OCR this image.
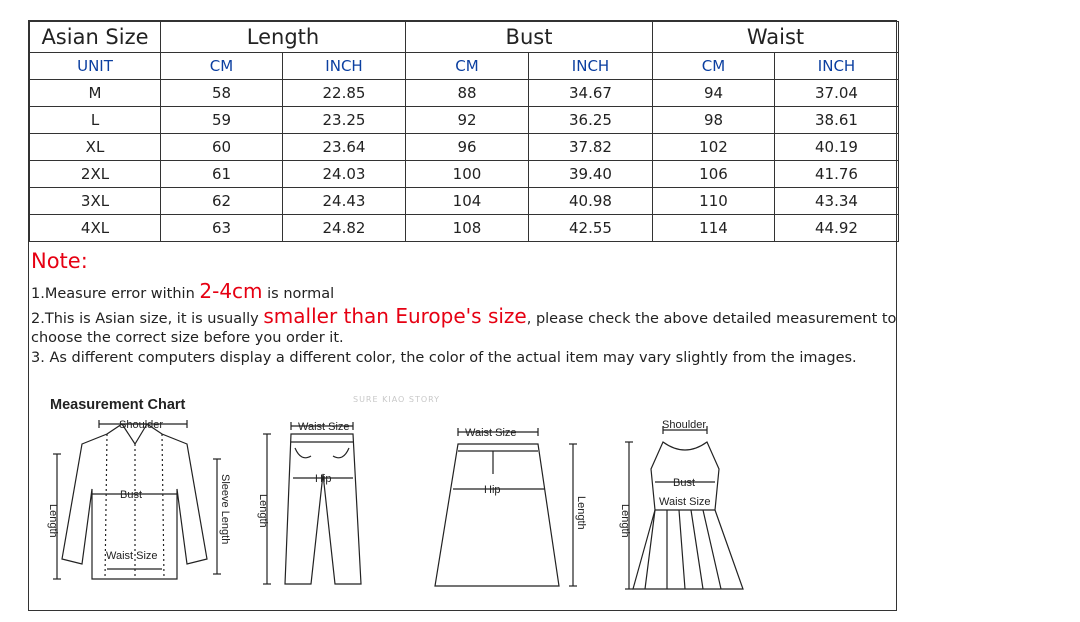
Asian Size	Length		Bust		Waist	
UNIT	CM	INCH	CM	INCH	CM	INCH
M	58	22.85	88	34.67	94	37.04
L	59	23.25	92	36.25	98	38.61
XL	60	23.64	96	37.82	102	40.19
2XL	61	24.03	100	39.40	106	41.76
3XL	62	24.43	104	40.98	110	43.34
4XL	63	24.82	108	42.55	114	44.92
Note:
1.Measure error within 2-4cm is normal
2.This is Asian size, it is usually smaller than Europe's size, please check the above detailed measurement to
choose the correct size before you order it.
3. As different computers display a different color, the color of the actual item may vary slightly from the images.
Measurement Chart	SURE KIAO STORY
Shoulder
Bust
Waist Size
Length	Sleeve Length
Waist Size
Hip
Length
Waist Size
Hip
Length
Shoulder
Bust
Waist Size
Length
